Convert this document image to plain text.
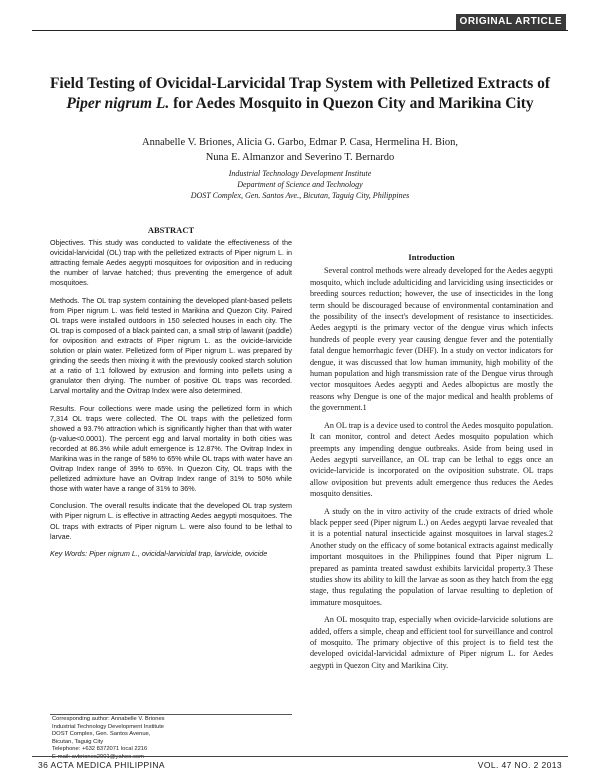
ORIGINAL ARTICLE
Field Testing of Ovicidal-Larvicidal Trap System with Pelletized Extracts of
Piper nigrum L. for Aedes Mosquito in Quezon City and Marikina City
Annabelle V. Briones, Alicia G. Garbo, Edmar P. Casa, Hermelina H. Bion,
Nuna E. Almanzor and Severino T. Bernardo
Industrial Technology Development Institute
Department of Science and Technology
DOST Complex, Gen. Santos Ave., Bicutan, Taguig City, Philippines
ABSTRACT

Objectives. This study was conducted to validate the effectiveness of the ovicidal-larvicidal (OL) trap with the pelletized extracts of Piper nigrum L. in attracting female Aedes aegypti mosquitoes for oviposition and in reducing the number of larvae hatched; thus preventing the emergence of adult mosquitoes.

Methods. The OL trap system containing the developed plant-based pellets from Piper nigrum L. was field tested in Marikina and Quezon City. Paired OL traps were installed outdoors in 150 selected houses in each city. The OL trap is composed of a black painted can, a small strip of lawanit (paddle) for oviposition and extracts of Piper nigrum L. as the ovicide-larvicide solution or plain water. Pelletized form of Piper nigrum L. was prepared by grinding the seeds then mixing it with the previously cooked starch solution at a ratio of 1:1 followed by extrusion and forming into pellets using a granulator then drying. The number of positive OL traps was recorded. Larval mortality and the Ovitrap Index were also determined.

Results. Four collections were made using the pelletized form in which 7,314 OL traps were collected. The OL traps with the pelletized form showed a 93.7% attraction which is significantly higher than that with water (p-value<0.0001). The percent egg and larval mortality in both cities was recorded at 86.3% while adult emergence is 12.87%. The Ovitrap Index in Marikina was in the range of 58% to 65% while OL traps with water have an Ovitrap Index range of 39% to 65%. In Quezon City, OL traps with the pelletized admixture have an Ovitrap Index range of 31% to 50% while those with water have a range of 31% to 36%.

Conclusion. The overall results indicate that the developed OL trap system with Piper nigrum L. is effective in attracting Aedes aegypti mosquitoes. The OL traps with extracts of Piper nigrum L. were also found to be lethal to larvae.

Key Words: Piper nigrum L., ovicidal-larvicidal trap, larvicide, ovicide

Corresponding author: Annabelle V. Briones
Industrial Technology Development Institute
DOST Complex, Gen. Santos Avenue,
Bicutan, Taguig City
Telephone: +632 8372071 local 2216
E-mail: avbriones2001@yahoo.com
Introduction

Several control methods were already developed for the Aedes aegypti mosquito, which include adulticiding and larviciding using insecticides or breeding sources reduction; however, the use of insecticides in the long term should be discouraged because of environmental contamination and the possibility of the insect's development of resistance to insecticides. Aedes aegypti is the primary vector of the dengue virus which infects hundreds of people every year causing dengue fever and the potentially fatal dengue hemorrhagic fever (DHF). In a study on vector indicators for dengue, it was discussed that low human immunity, high mobility of the human population and high transmission rate of the Dengue virus through vector mosquitoes Aedes aegypti and Aedes albopictus are mostly the reasons why Dengue is one of the major medical and health problems of the government.1

An OL trap is a device used to control the Aedes mosquito population. It can monitor, control and detect Aedes mosquito population which preempts any impending dengue outbreaks. Aside from being used in Aedes aegypti surveillance, an OL trap can be lethal to eggs once an ovicide-larvicide is incorporated on the oviposition substrate. OL traps allow oviposition but prevents adult emergence thus reduces the Aedes mosquito densities.

A study on the in vitro activity of the crude extracts of dried whole black pepper seed (Piper nigrum L.) on Aedes aegypti larvae revealed that it is a potential natural insecticide against mosquitoes in larval stages.2 Another study on the efficacy of some botanical extracts against medically important mosquitoes in the Philippines found that Piper nigrum L. prepared as paminta treated sawdust exhibits larvicidal property.3 These studies show its ability to kill the larvae as soon as they hatch from the egg stage, thus regulating the population of larvae resulting to depletion of immature mosquitoes.

An OL mosquito trap, especially when ovicide-larvicide solutions are added, offers a simple, cheap and efficient tool for surveillance and control of mosquito. The primary objective of this project is to field test the developed ovicidal-larvicidal admixture of Piper nigrum L. for Aedes aegypti in Quezon City and Marikina City.

36 ACTA MEDICA PHILIPPINA	VOL. 47 NO. 2 2013
